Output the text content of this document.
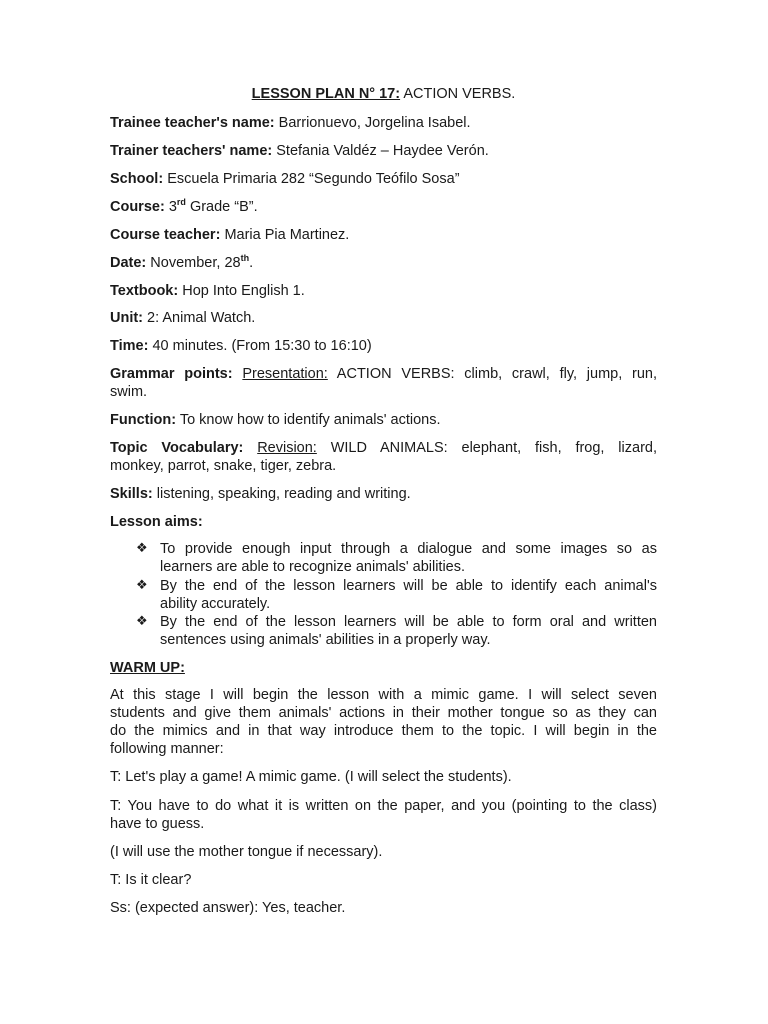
LESSON PLAN N° 17: ACTION VERBS.
Trainee teacher's name: Barrionuevo, Jorgelina Isabel.
Trainer teachers' name: Stefania Valdéz – Haydee Verón.
School: Escuela Primaria 282 “Segundo Teófilo Sosa”
Course: 3rd Grade “B”.
Course teacher: Maria Pia Martinez.
Date: November, 28th.
Textbook: Hop Into English 1.
Unit: 2: Animal Watch.
Time: 40 minutes. (From 15:30 to 16:10)
Grammar points: Presentation: ACTION VERBS: climb, crawl, fly, jump, run,
swim.
Function: To know how to identify animals' actions.
Topic Vocabulary: Revision: WILD ANIMALS: elephant, fish, frog, lizard,
monkey, parrot, snake, tiger, zebra.
Skills: listening, speaking, reading and writing.
Lesson aims:
❖ To provide enough input through a dialogue and some images so as
learners are able to recognize animals' abilities.
❖ By the end of the lesson learners will be able to identify each animal's
ability accurately.
❖ By the end of the lesson learners will be able to form oral and written
sentences using animals' abilities in a properly way.
WARM UP:
At this stage I will begin the lesson with a mimic game. I will select seven
students and give them animals' actions in their mother tongue so as they can
do the mimics and in that way introduce them to the topic. I will begin in the
following manner:
T: Let's play a game! A mimic game. (I will select the students).
T: You have to do what it is written on the paper, and you (pointing to the class)
have to guess.
(I will use the mother tongue if necessary).
T: Is it clear?
Ss: (expected answer): Yes, teacher.
